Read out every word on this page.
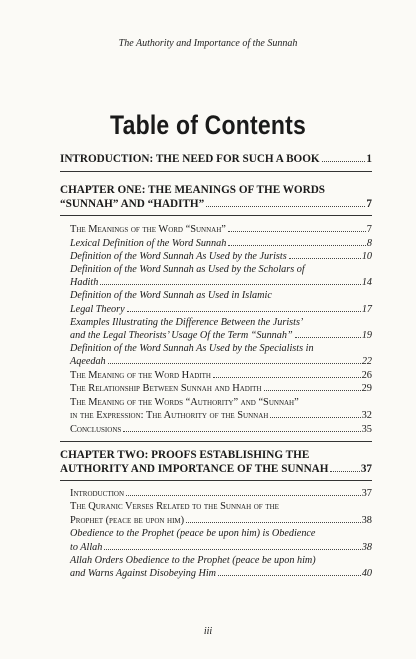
The Authority and Importance of the Sunnah
Table of Contents
INTRODUCTION: THE NEED FOR SUCH A BOOK	1
CHAPTER ONE: THE MEANINGS OF THE WORDS
“SUNNAH” AND “HADITH”	7
The Meanings of the Word “Sunnah”	7
Lexical Definition of the Word Sunnah	8
Definition of the Word Sunnah As Used by the Jurists	10
Definition of the Word Sunnah as Used by the Scholars of
Hadith	14
Definition of the Word Sunnah as Used in Islamic
Legal Theory	17
Examples Illustrating the Difference Between the Jurists’
and the Legal Theorists’ Usage Of the Term “Sunnah”	19
Definition of the Word Sunnah As Used by the Specialists in
Aqeedah	22
The Meaning of the Word Hadith	26
The Relationship Between Sunnah and Hadith	29
The Meaning of the Words “Authority” and “Sunnah”
in the Expression: The Authority of the Sunnah	32
Conclusions	35
CHAPTER TWO: PROOFS ESTABLISHING THE
AUTHORITY AND IMPORTANCE OF THE SUNNAH	37
Introduction	37
The Quranic Verses Related to the Sunnah of the
Prophet (peace be upon him)	38
Obedience to the Prophet (peace be upon him) is Obedience
to Allah	38
Allah Orders Obedience to the Prophet (peace be upon him)
and Warns Against Disobeying Him	40
iii
